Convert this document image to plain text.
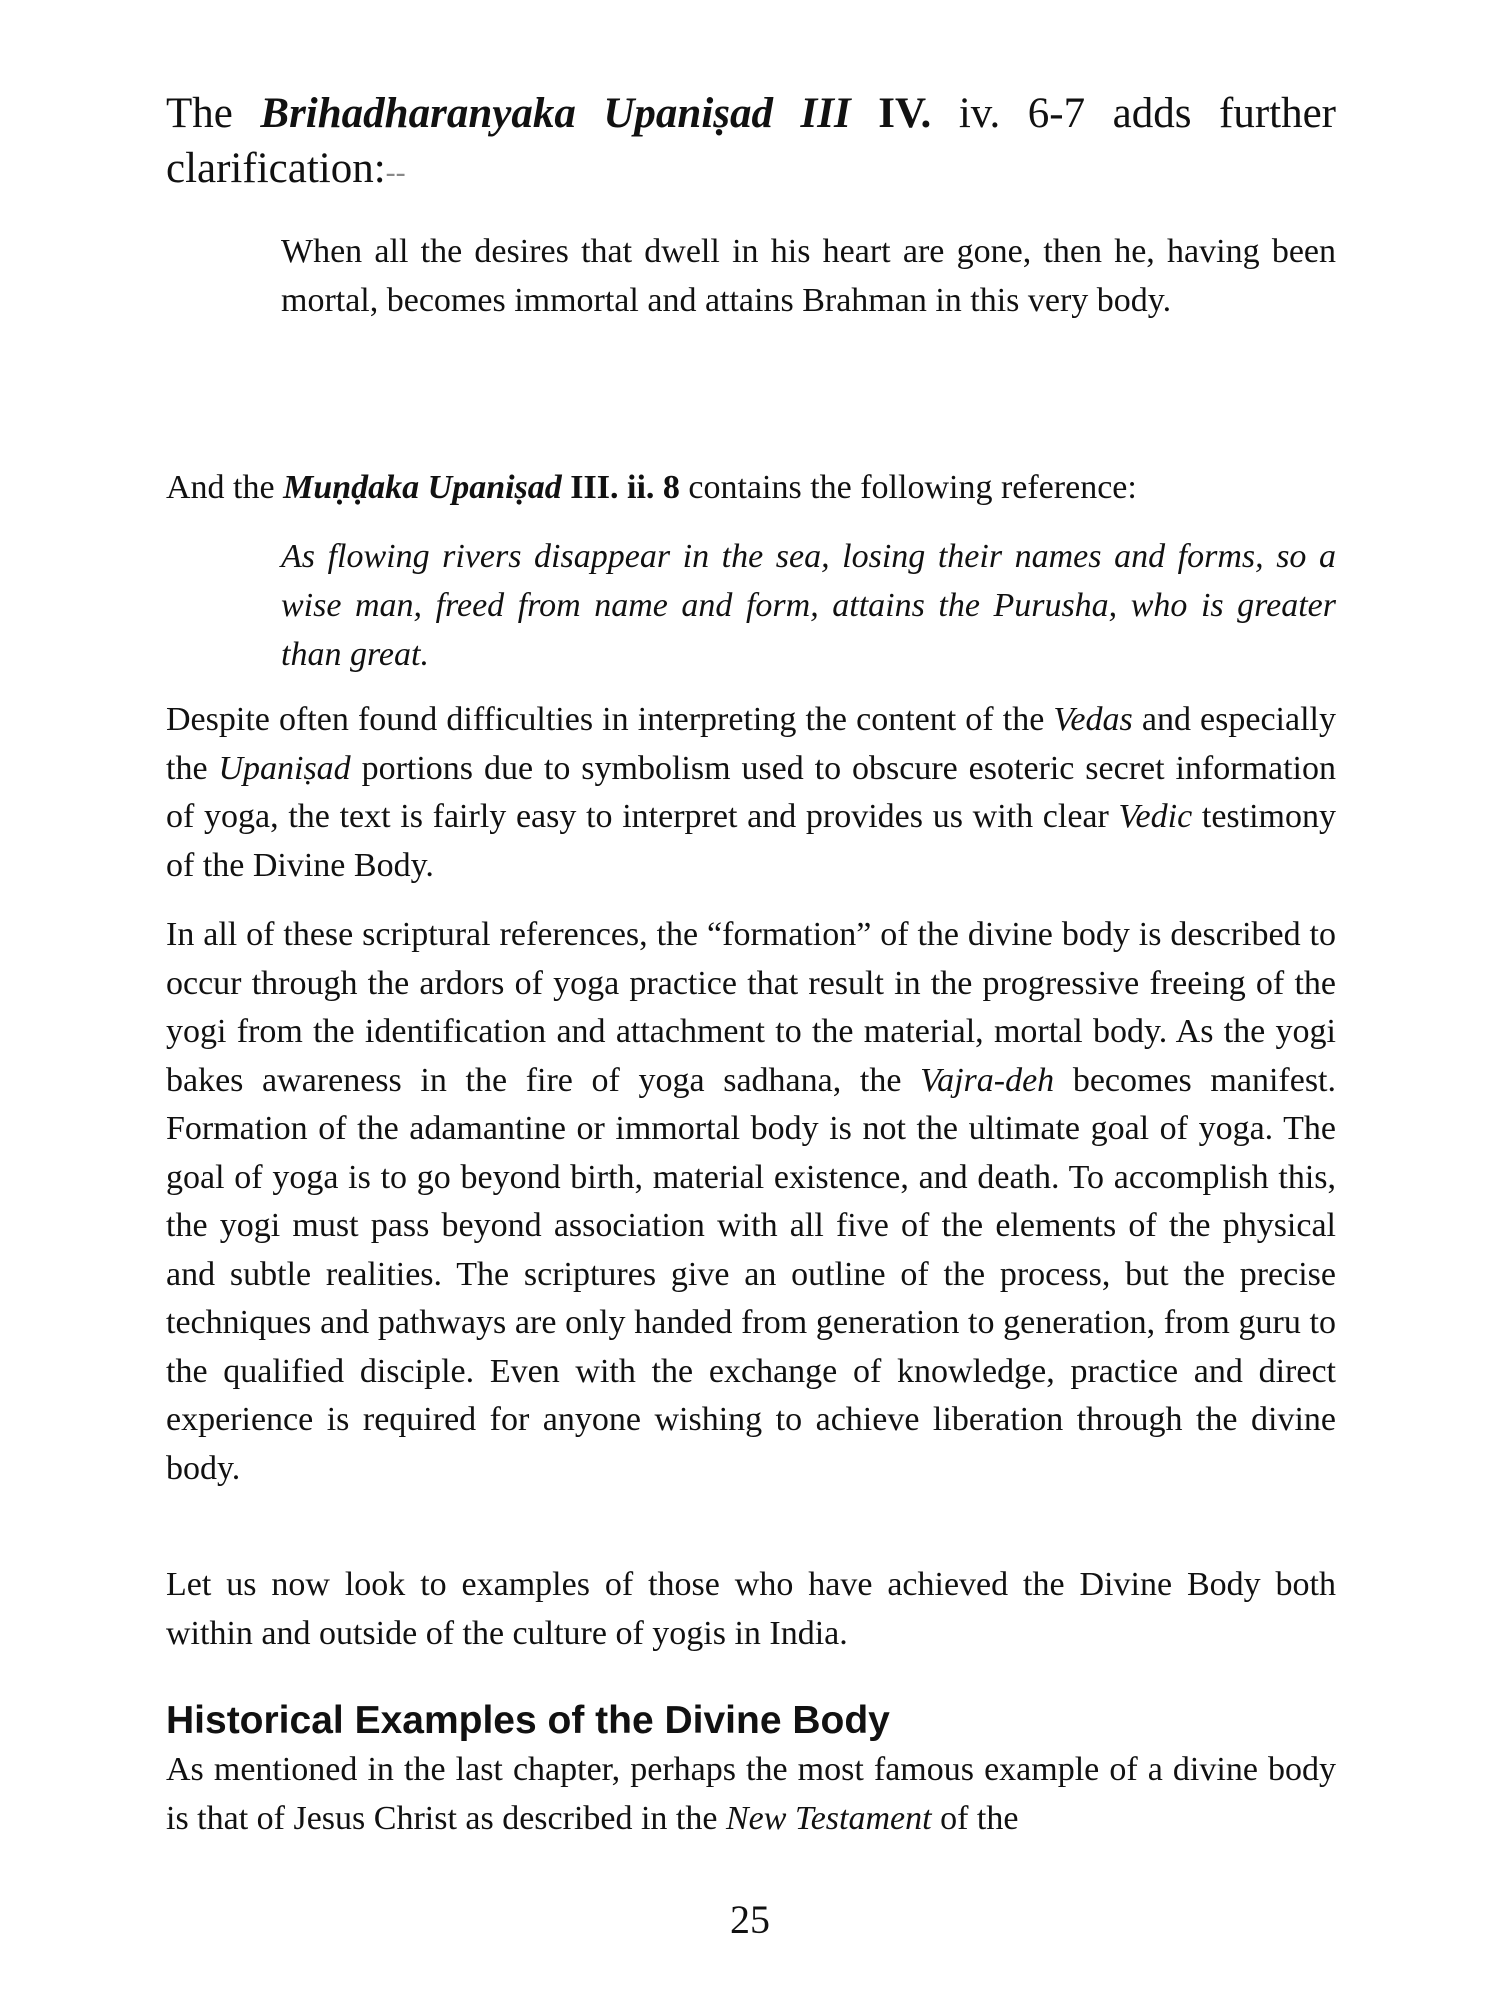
The Brihadharanyaka Upaniṣad III IV. iv. 6-7 adds further clarification:--

When all the desires that dwell in his heart are gone, then he, having been mortal, becomes immortal and attains Brahman in this very body.

And the Muṇḍaka Upaniṣad III. ii. 8 contains the following reference:

As flowing rivers disappear in the sea, losing their names and forms, so a wise man, freed from name and form, attains the Purusha, who is greater than great.

Despite often found difficulties in interpreting the content of the Vedas and especially the Upaniṣad portions due to symbolism used to obscure esoteric secret information of yoga, the text is fairly easy to interpret and provides us with clear Vedic testimony of the Divine Body.

In all of these scriptural references, the “formation” of the divine body is described to occur through the ardors of yoga practice that result in the progressive freeing of the yogi from the identification and attachment to the material, mortal body. As the yogi bakes awareness in the fire of yoga sadhana, the Vajra-deh becomes manifest. Formation of the adamantine or immortal body is not the ultimate goal of yoga. The goal of yoga is to go beyond birth, material existence, and death. To accomplish this, the yogi must pass beyond association with all five of the elements of the physical and subtle realities. The scriptures give an outline of the process, but the precise techniques and pathways are only handed from generation to generation, from guru to the qualified disciple. Even with the exchange of knowledge, practice and direct experience is required for anyone wishing to achieve liberation through the divine body.

Let us now look to examples of those who have achieved the Divine Body both within and outside of the culture of yogis in India.

Historical Examples of the Divine Body

As mentioned in the last chapter, perhaps the most famous example of a divine body is that of Jesus Christ as described in the New Testament of the

25
